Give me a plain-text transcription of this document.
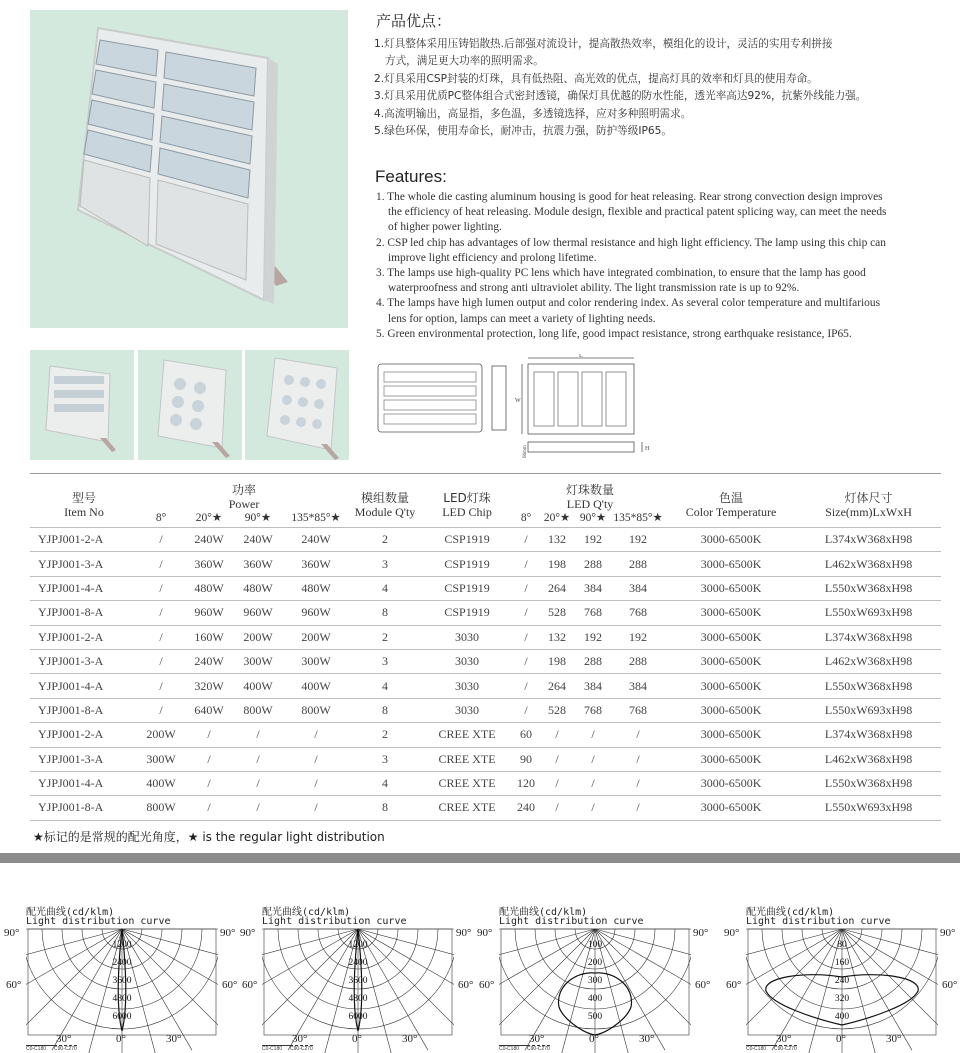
产品优点：
1.灯具整体采用压铸铝散热.后部强对流设计，提高散热效率，模组化的设计，灵活的实用专利拼接
方式，满足更大功率的照明需求。
2.灯具采用CSP封装的灯珠，具有低热阻、高光效的优点，提高灯具的效率和灯具的使用寿命。
3.灯具采用优质PC整体组合式密封透镜，确保灯具优越的防水性能，透光率高达92%，抗紫外线能力强。
4.高流明输出，高显指，多色温，多透镜选择，应对多种照明需求。
5.绿色环保，使用寿命长，耐冲击，抗震力强，防护等级IP65。
Features:
1. The whole die casting aluminum housing is good for heat releasing. Rear strong convection design improves
the efficiency of heat releasing. Module design, flexible and practical patent splicing way, can meet the needs
of higher power lighting.
2. CSP led chip has advantages of low thermal resistance and high light efficiency. The lamp using this chip can
improve light efficiency and prolong lifetime.
3. The lamps use high-quality PC lens which have integrated combination, to ensure that the lamp has good
waterproofness and strong anti ultraviolet ability. The light transmission rate is up to 92%.
4. The lamps have high lumen output and color rendering index. As several color temperature and multifarious
lens for option, lamps can meet a variety of lighting needs.
5. Green environmental protection, long life, good impact resistance, strong earthquake resistance, IP65.
L
W
H
66mm
型号
Item No	功率
Power				模组数量
Module Q'ty	LED灯珠
LED Chip	灯珠数量
LED Q'ty				色温
Color Temperature	灯体尺寸
Size(mm)LxWxH
	8°	20°★	90°★	135*85°★			8°	20°★	90°★	135*85°★		
YJPJ001-2-A	/	240W	240W	240W	2	CSP1919	/	132	192	192	3000-6500K	L374xW368xH98
YJPJ001-3-A	/	360W	360W	360W	3	CSP1919	/	198	288	288	3000-6500K	L462xW368xH98
YJPJ001-4-A	/	480W	480W	480W	4	CSP1919	/	264	384	384	3000-6500K	L550xW368xH98
YJPJ001-8-A	/	960W	960W	960W	8	CSP1919	/	528	768	768	3000-6500K	L550xW693xH98
YJPJ001-2-A	/	160W	200W	200W	2	3030	/	132	192	192	3000-6500K	L374xW368xH98
YJPJ001-3-A	/	240W	300W	300W	3	3030	/	198	288	288	3000-6500K	L462xW368xH98
YJPJ001-4-A	/	320W	400W	400W	4	3030	/	264	384	384	3000-6500K	L550xW368xH98
YJPJ001-8-A	/	640W	800W	800W	8	3030	/	528	768	768	3000-6500K	L550xW693xH98
YJPJ001-2-A	200W	/	/	/	2	CREE XTE	60	/	/	/	3000-6500K	L374xW368xH98
YJPJ001-3-A	300W	/	/	/	3	CREE XTE	90	/	/	/	3000-6500K	L462xW368xH98
YJPJ001-4-A	400W	/	/	/	4	CREE XTE	120	/	/	/	3000-6500K	L550xW368xH98
YJPJ001-8-A	800W	/	/	/	8	CREE XTE	240	/	/	/	3000-6500K	L550xW693xH98
★标记的是常规的配光角度，★ is the regular light distribution
配光曲线(cd/klm)
Light distribution curve
1200
2400
3600
4800
6000
90°	90°
60°	60°
30°	30°
0°
C0-C180 C90-C270
配光曲线(cd/klm)
Light distribution curve
1200
2400
3600
4800
6000
90°	90°
60°	60°
30°	30°
0°
C0-C180 C90-C270
配光曲线(cd/klm)
Light distribution curve
100
200
300
400
500
90°	90°
60°	60°
30°	30°
0°
C0-C180 C90-C270
配光曲线(cd/klm)
Light distribution curve
80
160
240
320
400
90°	90°
60°	60°
30°	30°
0°
C0-C180 C90-C270
